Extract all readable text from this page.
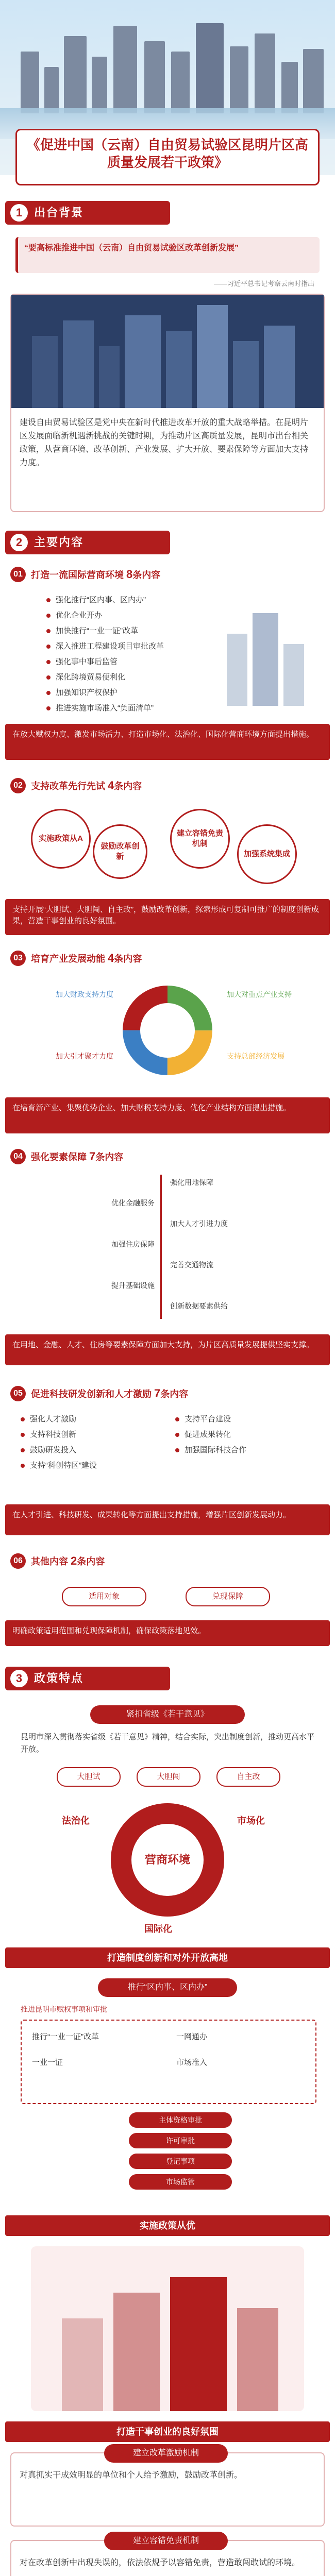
《促进中国（云南）自由贸易试验区昆明片区高质量发展若干政策》
1	出台背景
“要高标准推进中国（云南）自由贸易试验区改革创新发展”
——习近平总书记考察云南时指出
建设自由贸易试验区是党中央在新时代推进改革开放的重大战略举措。在昆明片区发展面临新机遇新挑战的关键时期，为推动片区高质量发展，昆明市出台相关政策，从营商环境、改革创新、产业发展、扩大开放、要素保障等方面加大支持力度。
2	主要内容
01 打造一流国际营商环境 8条内容
强化推行“区内事、区内办”
优化企业开办
加快推行“一业一证”改革
深入推进工程建设项目审批改革
强化事中事后监管
深化跨境贸易便利化
加强知识产权保护
推进实施市场准入“负面清单”
在放大赋权力度、激发市场活力、打造市场化、法治化、国际化营商环境方面提出措施。
02 支持改革先行先试 4条内容
实施政策从A
鼓励改革创新
建立容错免责机制
加强系统集成
支持开展“大胆试、大胆闯、自主改”，鼓励改革创新，探索形成可复制可推广的制度创新成果，营造干事创业的良好氛围。
03 培育产业发展动能 4条内容
加大财政支持力度	加大对重点产业支持
加大引才聚才力度	支持总部经济发展
在培育新产业、集聚优势企业、加大财税支持力度、优化产业结构方面提出措施。
04 强化要素保障 7条内容
强化用地保障
优化金融服务
加大人才引进力度
加强住房保障
完善交通物流
提升基础设施
创新数据要素供给
在用地、金融、人才、住房等要素保障方面加大支持，为片区高质量发展提供坚实支撑。
05 促进科技研发创新和人才激励 7条内容
强化人才激励
支持科技创新
鼓励研发投入
支持“科创特区”建设
支持平台建设
促进成果转化
加强国际科技合作
在人才引进、科技研发、成果转化等方面提出支持措施，增强片区创新发展动力。
06 其他内容 2条内容
适用对象	兑现保障
明确政策适用范围和兑现保障机制，确保政策落地见效。
3	政策特点
紧扣省级《若干意见》
昆明市深入贯彻落实省级《若干意见》精神，结合实际，突出制度创新，推动更高水平开放。
大胆试	大胆闯	自主改
营商环境
法治化	市场化
国际化
打造制度创新和对外开放高地
推行“区内事、区内办”
推进昆明市赋权事项和审批
推行“一业一证”改革	一网通办
一业一证	市场准入
主体资格审批
许可审批
登记事项
市场监管
实施政策从优
打造干事创业的良好氛围
建立改革激励机制
对真抓实干成效明显的单位和个人给予激励，鼓励改革创新。
建立容错免责机制
对在改革创新中出现失误的，依法依规予以容错免责，营造敢闯敢试的环境。
